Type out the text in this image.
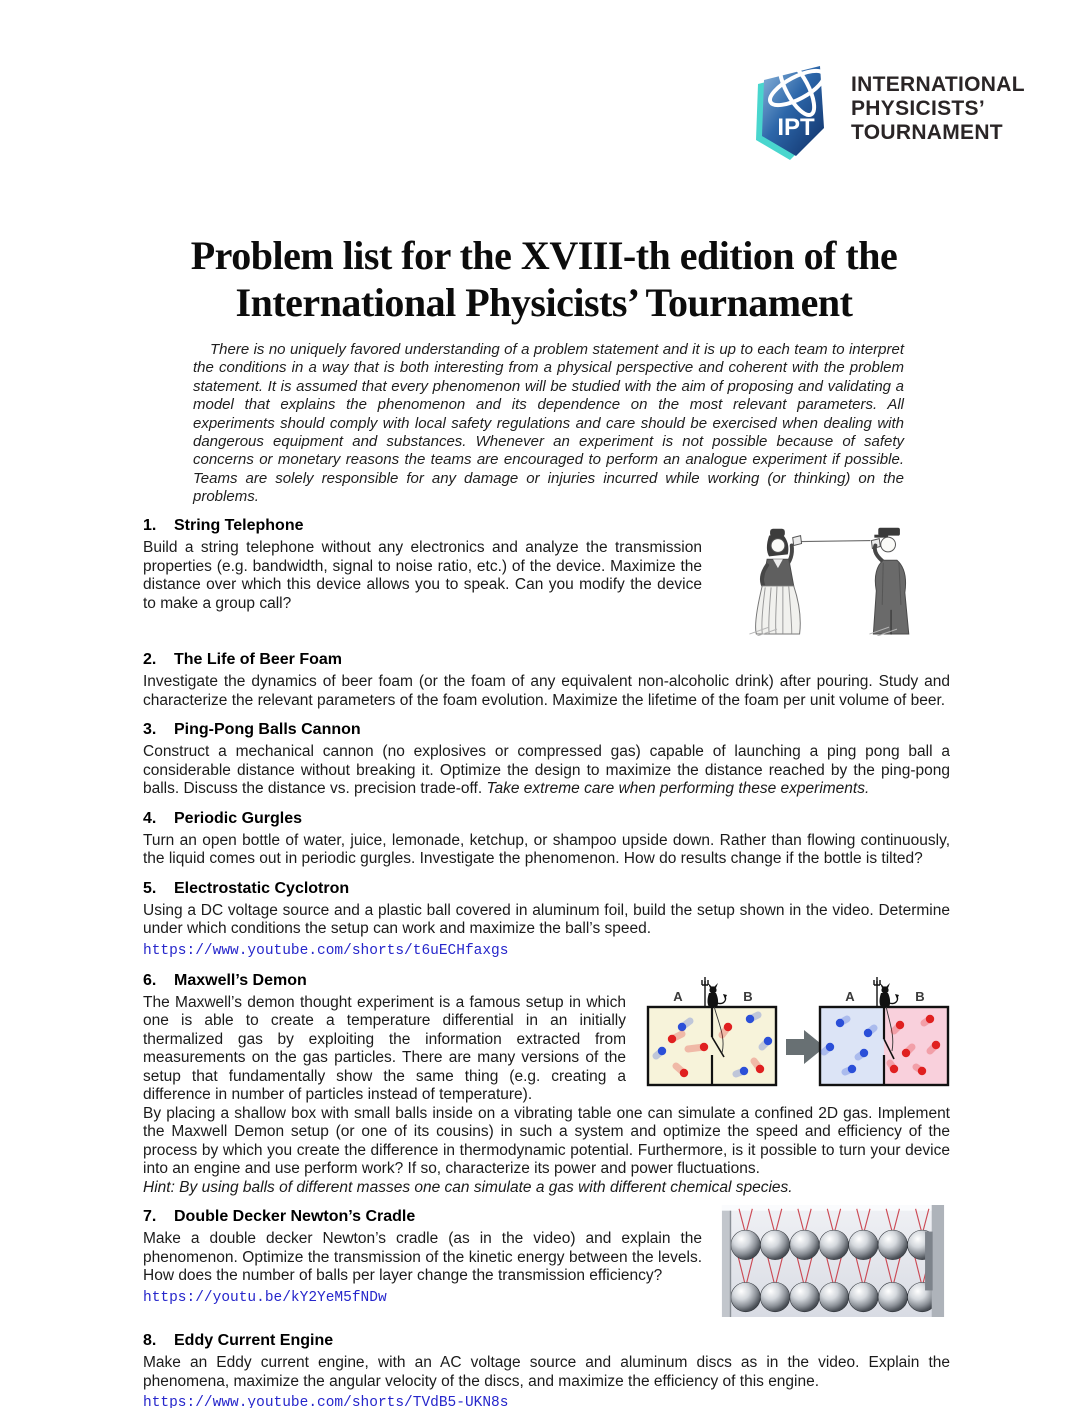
IPT
INTERNATIONAL
PHYSICISTS’
TOURNAMENT
Problem list for the XVIII-th edition of the
International Physicists’ Tournament
There is no uniquely favored understanding of a problem statement and it is up to each team to interpret the conditions in a way that is both interesting from a physical perspective and coherent with the problem statement. It is assumed that every phenomenon will be studied with the aim of proposing and validating a model that explains the phenomenon and its dependence on the most relevant parameters. All experiments should comply with local safety regulations and care should be exercised when dealing with dangerous equipment and substances. Whenever an experiment is not possible because of safety concerns or monetary reasons the teams are encouraged to perform an analogue experiment if possible. Teams are solely responsible for any damage or injuries incurred while working (or thinking) on the problems.
1. String Telephone

Build a string telephone without any electronics and analyze the transmission properties (e.g. bandwidth, signal to noise ratio, etc.) of the device. Maximize the distance over which this device allows you to speak. Can you modify the device to make a group call?

2. The Life of Beer Foam

Investigate the dynamics of beer foam (or the foam of any equivalent non-alcoholic drink) after pouring. Study and characterize the relevant parameters of the foam evolution. Maximize the lifetime of the foam per unit volume of beer.

3. Ping-Pong Balls Cannon

Construct a mechanical cannon (no explosives or compressed gas) capable of launching a ping pong ball a considerable distance without breaking it. Optimize the design to maximize the distance reached by the ping-pong balls. Discuss the distance vs. precision trade-off. Take extreme care when performing these experiments.

4. Periodic Gurgles

Turn an open bottle of water, juice, lemonade, ketchup, or shampoo upside down. Rather than flowing continuously, the liquid comes out in periodic gurgles. Investigate the phenomenon. How do results change if the bottle is tilted?

5. Electrostatic Cyclotron

Using a DC voltage source and a plastic ball covered in aluminum foil, build the setup shown in the video. Determine under which conditions the setup can work and maximize the ball’s speed.

https://www.youtube.com/shorts/t6uECHfaxgs
A	B	A	B
6. Maxwell’s Demon

The Maxwell’s demon thought experiment is a famous setup in which one is able to create a temperature differential in an initially thermalized gas by exploiting the information extracted from measurements on the gas particles. There are many versions of the setup that fundamentally show the same thing (e.g. creating a difference in number of particles instead of temperature).

By placing a shallow box with small balls inside on a vibrating table one can simulate a confined 2D gas. Implement the Maxwell Demon setup (or one of its cousins) in such a system and optimize the speed and efficiency of the process by which you create the difference in thermodynamic potential. Furthermore, is it possible to turn your device into an engine and use perform work? If so, characterize its power and power fluctuations.

Hint: By using balls of different masses one can simulate a gas with different chemical species.

7. Double Decker Newton’s Cradle

Make a double decker Newton’s cradle (as in the video) and explain the phenomenon. Optimize the transmission of the kinetic energy between the levels. How does the number of balls per layer change the transmission efficiency?

https://youtu.be/kY2YeM5fNDw
8. Eddy Current Engine

Make an Eddy current engine, with an AC voltage source and aluminum discs as in the video. Explain the phenomena, maximize the angular velocity of the discs, and maximize the efficiency of this engine.

https://www.youtube.com/shorts/TVdB5-UKN8s
